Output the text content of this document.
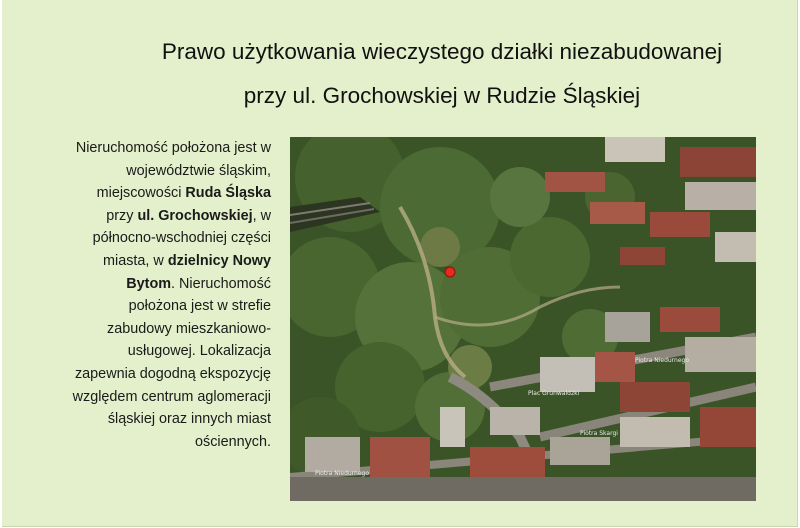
Prawo użytkowania wieczystego działki niezabudowanej
przy ul. Grochowskiej w Rudzie Śląskiej
Nieruchomość położona jest w województwie śląskim, miejscowości Ruda Śląska przy ul. Grochowskiej, w północno-wschodniej części miasta, w dzielnicy Nowy Bytom. Nieruchomość położona jest w strefie zabudowy mieszkaniowo-usługowej. Lokalizacja zapewnia dogodną ekspozycję względem centrum aglomeracji śląskiej oraz innych miast ościennych.
Plac Grunwaldzki
Piotra Niedurnego
Piotra Niedurnego
Piotra Skargi
